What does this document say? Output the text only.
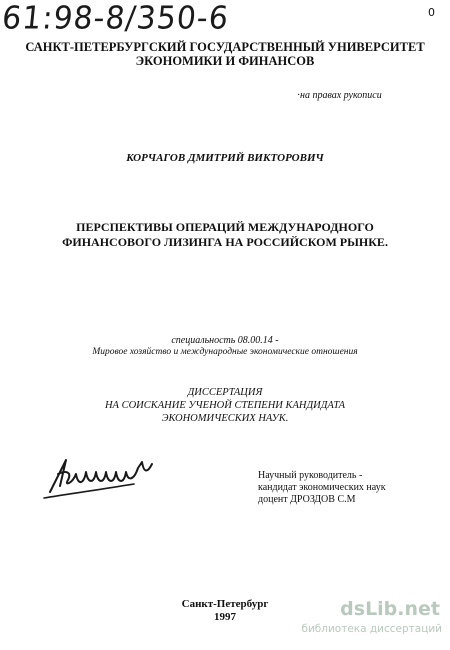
61:98-8/350-6	0
САНКТ-ПЕТЕРБУРГСКИЙ ГОСУДАРСТВЕННЫЙ УНИВЕРСИТЕТ
ЭКОНОМИКИ И ФИНАНСОВ
· на правах рукописи
КОРЧАГОВ ДМИТРИЙ ВИКТОРОВИЧ
ПЕРСПЕКТИВЫ ОПЕРАЦИЙ МЕЖДУНАРОДНОГО
ФИНАНСОВОГО ЛИЗИНГА НА РОССИЙСКОМ РЫНКЕ.
специальность 08.00.14 -
Мировое хозяйство и международные экономические отношения
ДИССЕРТАЦИЯ
НА СОИСКАНИЕ УЧЕНОЙ СТЕПЕНИ КАНДИДАТА
ЭКОНОМИЧЕСКИХ НАУК.
Научный руководитель -
кандидат экономических наук
доцент ДРОЗДОВ С.М
Санкт-Петербург
1997	dsLib.net
библиотека диссертаций
